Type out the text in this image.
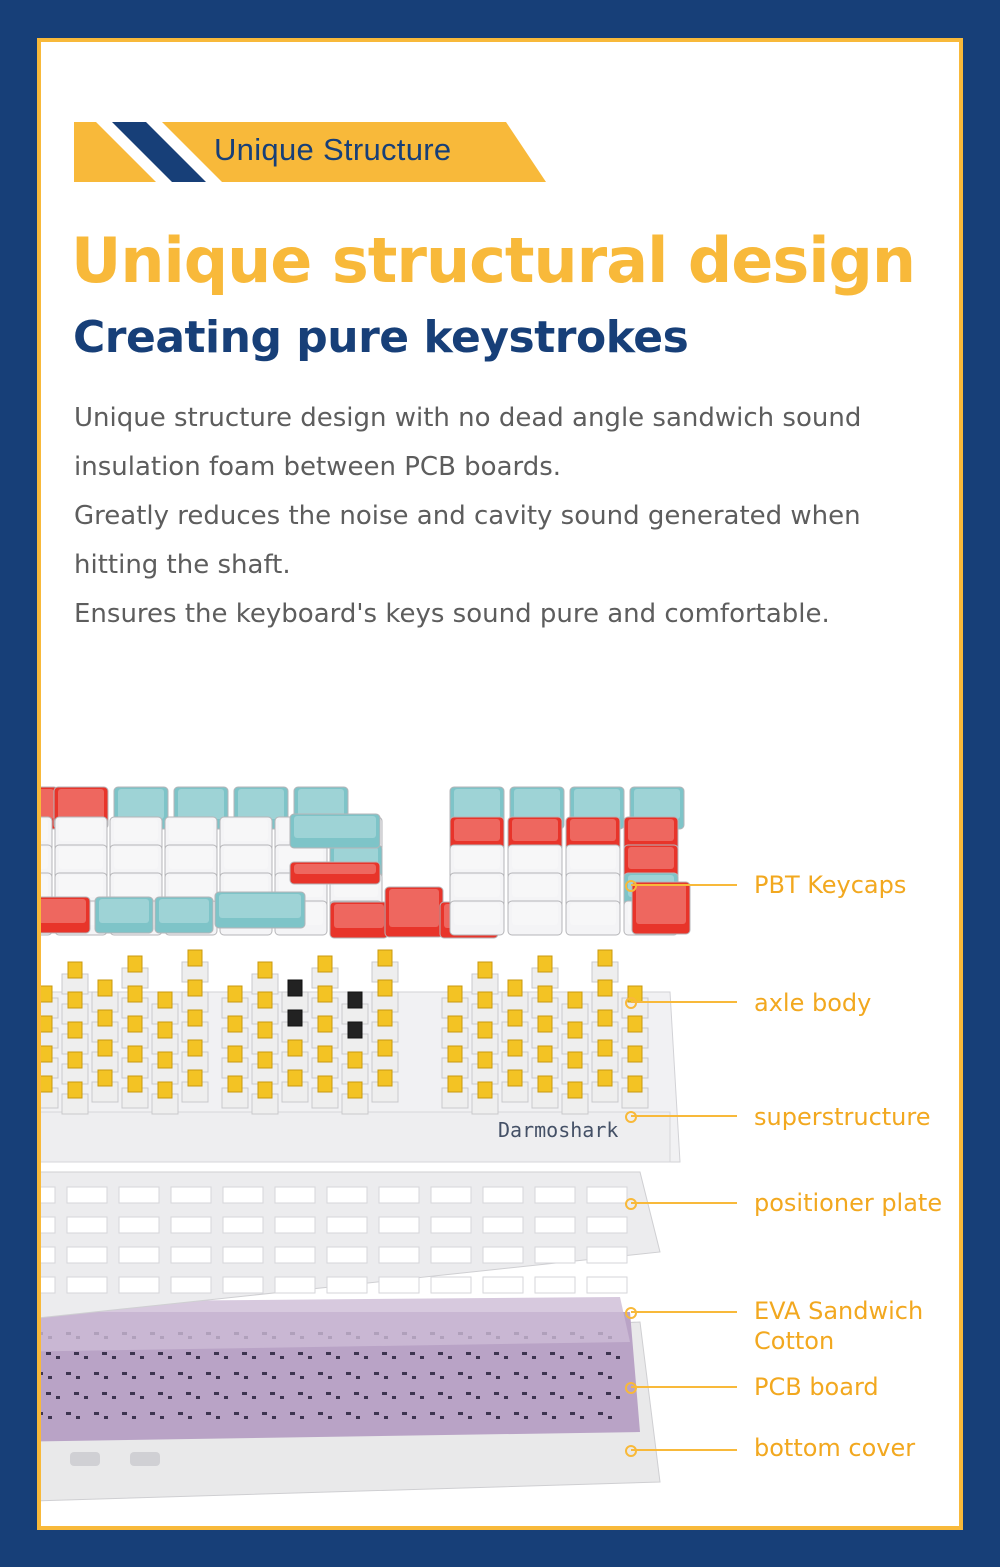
Unique Structure
Unique structural design
Creating pure keystrokes

Unique structure design with no dead angle sandwich sound insulation foam between PCB boards.

Greatly reduces the noise and cavity sound generated when hitting the shaft.

Ensures the keyboard's keys sound pure and comfortable.

Darmoshark
PBT Keycaps
axle body
superstructure
positioner plate
EVA Sandwich Cotton
PCB board
bottom cover
